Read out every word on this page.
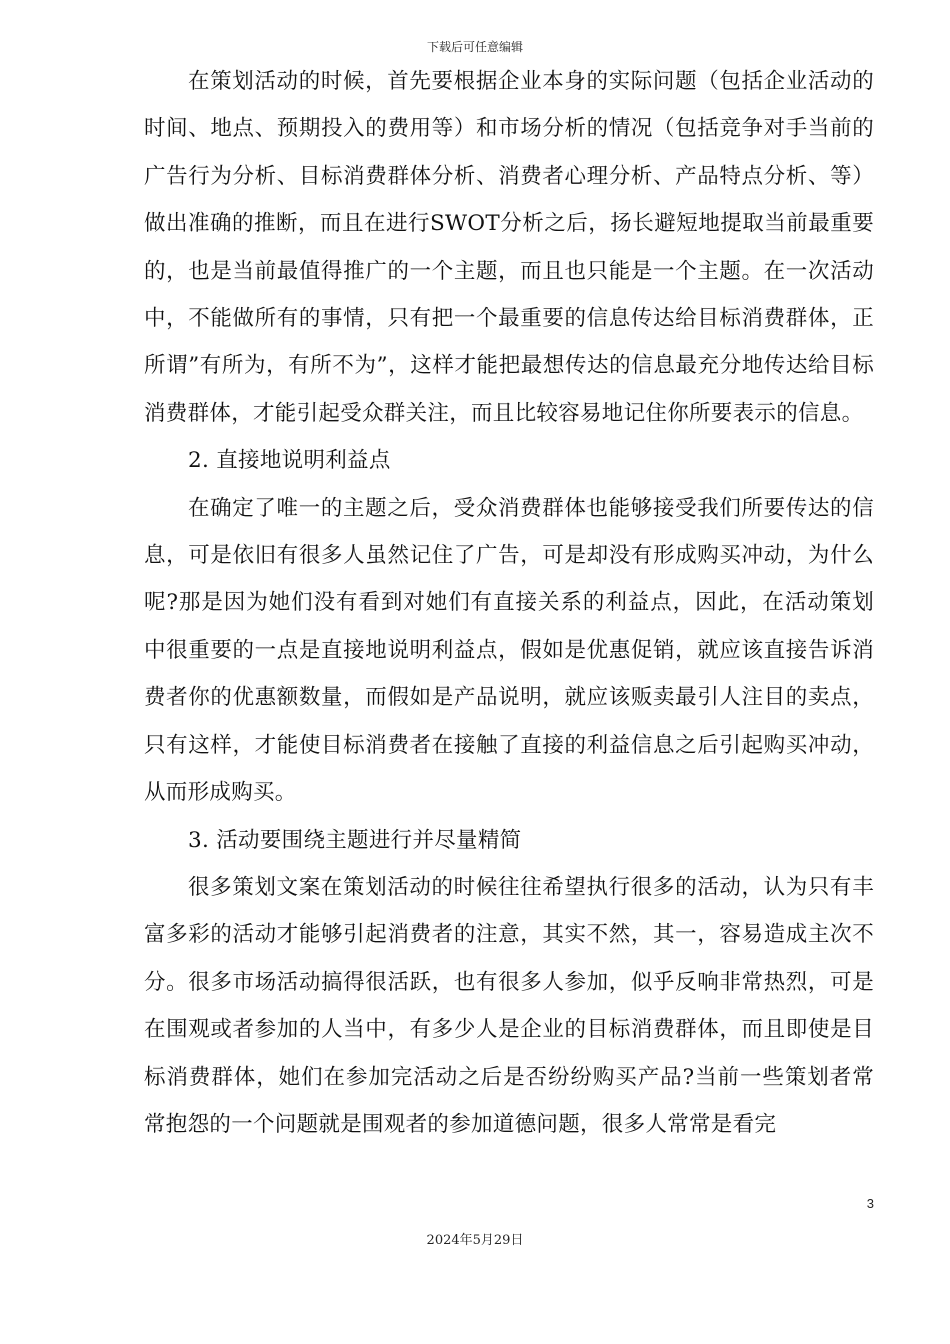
下载后可任意编辑

在策划活动的时候，首先要根据企业本身的实际问题（包括企业活动的时间、地点、预期投入的费用等）和市场分析的情况（包括竞争对手当前的广告行为分析、目标消费群体分析、消费者心理分析、产品特点分析、等）做出准确的推断，而且在进行SWOT分析之后，扬长避短地提取当前最重要的，也是当前最值得推广的一个主题，而且也只能是一个主题。在一次活动中，不能做所有的事情，只有把一个最重要的信息传达给目标消费群体，正所谓”有所为，有所不为”，这样才能把最想传达的信息最充分地传达给目标消费群体，才能引起受众群关注，而且比较容易地记住你所要表示的信息。

2. 直接地说明利益点

在确定了唯一的主题之后，受众消费群体也能够接受我们所要传达的信息，可是依旧有很多人虽然记住了广告，可是却没有形成购买冲动，为什么呢?那是因为她们没有看到对她们有直接关系的利益点，因此，在活动策划中很重要的一点是直接地说明利益点，假如是优惠促销，就应该直接告诉消费者你的优惠额数量，而假如是产品说明，就应该贩卖最引人注目的卖点，只有这样，才能使目标消费者在接触了直接的利益信息之后引起购买冲动，从而形成购买。

3. 活动要围绕主题进行并尽量精简

很多策划文案在策划活动的时候往往希望执行很多的活动，认为只有丰富多彩的活动才能够引起消费者的注意，其实不然，其一，容易造成主次不分。很多市场活动搞得很活跃，也有很多人参加，似乎反响非常热烈，可是在围观或者参加的人当中，有多少人是企业的目标消费群体，而且即使是目标消费群体，她们在参加完活动之后是否纷纷购买产品?当前一些策划者常常抱怨的一个问题就是围观者的参加道德问题，很多人常常是看完

3
2024年5月29日
